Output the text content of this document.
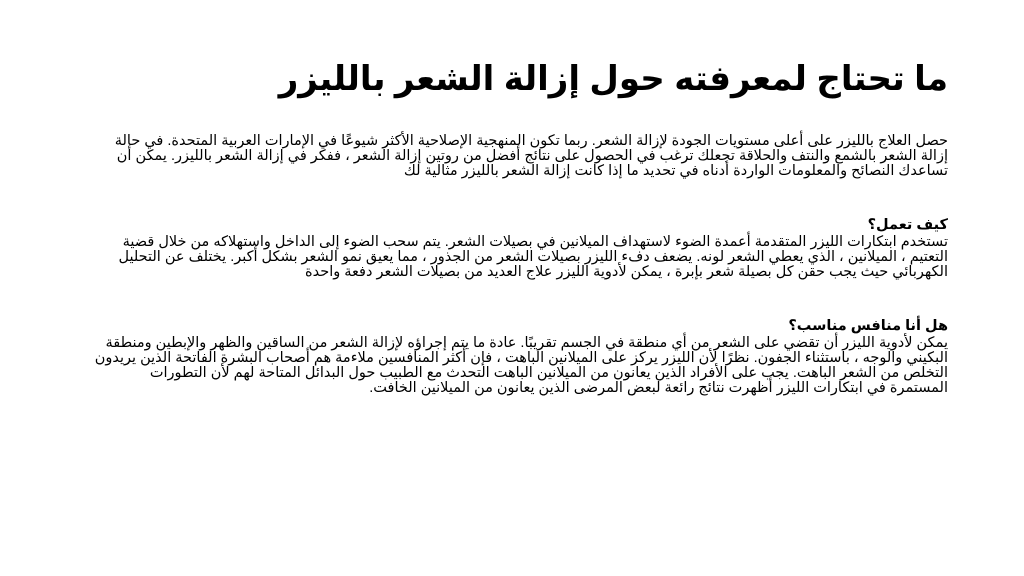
ما تحتاج لمعرفته حول إزالة الشعر بالليزر

حصل العلاج بالليزر على أعلى مستويات الجودة لإزالة الشعر. ربما تكون المنهجية الإصلاحية الأكثر شيوعًا في الإمارات العربية المتحدة. في حالة إزالة الشعر بالشمع والنتف والحلاقة تجعلك ترغب في الحصول على نتائج أفضل من روتين إزالة الشعر ، ففكر في إزالة الشعر بالليزر. يمكن أن تساعدك النصائح والمعلومات الواردة أدناه في تحديد ما إذا كانت إزالة الشعر بالليزر مثالية لك

كيف تعمل؟

تستخدم ابتكارات الليزر المتقدمة أعمدة الضوء لاستهداف الميلانين في بصيلات الشعر. يتم سحب الضوء إلى الداخل واستهلاكه من خلال قضية التعتيم ، الميلانين ، الذي يعطي الشعر لونه. يضعف دفء الليزر بصيلات الشعر من الجذور ، مما يعيق نمو الشعر بشكل أكبر. يختلف عن التحليل الكهربائي حيث يجب حقن كل بصيلة شعر بإبرة ، يمكن لأدوية الليزر علاج العديد من بصيلات الشعر دفعة واحدة

هل أنا منافس مناسب؟

يمكن لأدوية الليزر أن تقضي على الشعر من أي منطقة في الجسم تقريبًا. عادة ما يتم إجراؤه لإزالة الشعر من الساقين والظهر والإبطين ومنطقة البكيني والوجه ، باستثناء الجفون. نظرًا لأن الليزر يركز على الميلانين الباهت ، فإن أكثر المنافسين ملاءمة هم أصحاب البشرة الفاتحة الذين يريدون التخلص من الشعر الباهت. يجب على الأفراد الذين يعانون من الميلانين الباهت التحدث مع الطبيب حول البدائل المتاحة لهم لأن التطورات المستمرة في ابتكارات الليزر أظهرت نتائج رائعة لبعض المرضى الذين يعانون من الميلانين الخافت.
